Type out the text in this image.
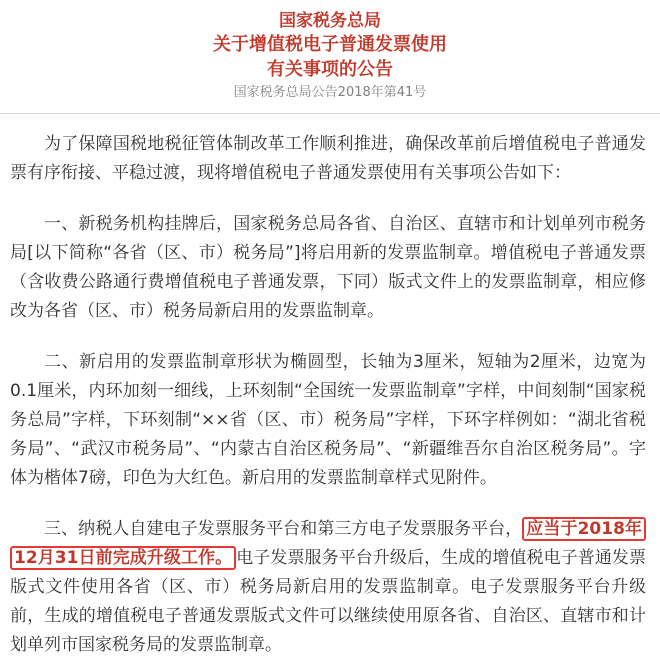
国家税务总局
关于增值税电子普通发票使用
有关事项的公告
国家税务总局公告2018年第41号

为了保障国税地税征管体制改革工作顺利推进，确保改革前后增值税电子普通发票有序衔接、平稳过渡，现将增值税电子普通发票使用有关事项公告如下：

一、新税务机构挂牌后，国家税务总局各省、自治区、直辖市和计划单列市税务局[以下简称“各省（区、市）税务局”]将启用新的发票监制章。增值税电子普通发票（含收费公路通行费增值税电子普通发票，下同）版式文件上的发票监制章，相应修改为各省（区、市）税务局新启用的发票监制章。

二、新启用的发票监制章形状为椭圆型，长轴为3厘米，短轴为2厘米，边宽为0.1厘米，内环加刻一细线，上环刻制“全国统一发票监制章”字样，中间刻制“国家税务总局”字样，下环刻制“××省（区、市）税务局”字样，下环字样例如：“湖北省税务局”、“武汉市税务局”、“内蒙古自治区税务局”、“新疆维吾尔自治区税务局”。字体为楷体7磅，印色为大红色。新启用的发票监制章样式见附件。

三、纳税人自建电子发票服务平台和第三方电子发票服务平台， 应当于2018年12月31日前完成升级工作。 电子发票服务平台升级后，生成的增值税电子普通发票版式文件使用各省（区、市）税务局新启用的发票监制章。电子发票服务平台升级前，生成的增值税电子普通发票版式文件可以继续使用原各省、自治区、直辖市和计划单列市国家税务局的发票监制章。
